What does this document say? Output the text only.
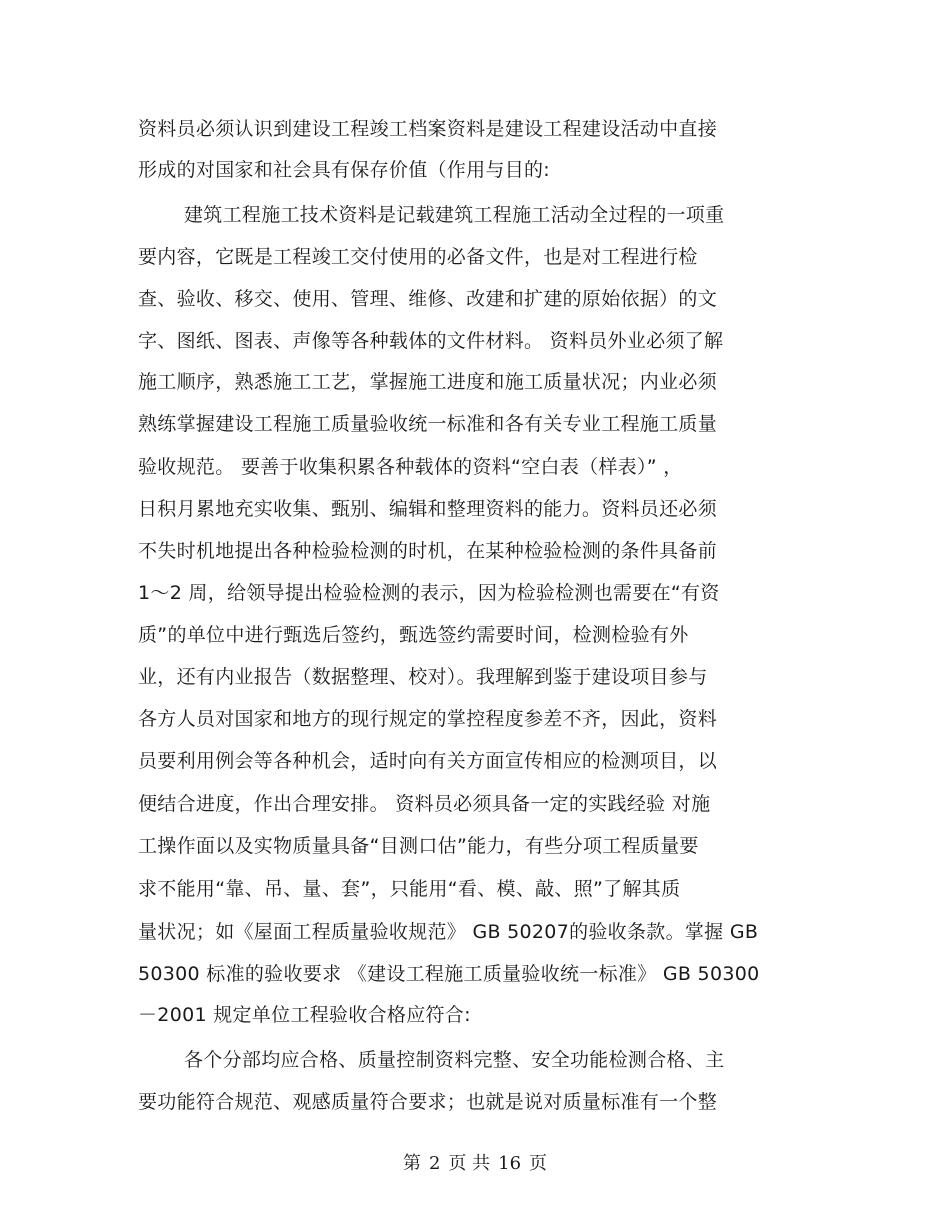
资料员必须认识到建设工程竣工档案资料是建设工程建设活动中直接
形成的对国家和社会具有保存价值（作用与目的:
建筑工程施工技术资料是记载建筑工程施工活动全过程的一项重
要内容，它既是工程竣工交付使用的必备文件，也是对工程进行检
查、验收、移交、使用、管理、维修、改建和扩建的原始依据）的文
字、图纸、图表、声像等各种载体的文件材料。 资料员外业必须了解
施工顺序，熟悉施工工艺，掌握施工进度和施工质量状况；内业必须
熟练掌握建设工程施工质量验收统一标准和各有关专业工程施工质量
验收规范。 要善于收集积累各种载体的资料“空白表（样表）” ，
日积月累地充实收集、甄别、编辑和整理资料的能力。资料员还必须
不失时机地提出各种检验检测的时机，在某种检验检测的条件具备前
1～2 周，给领导提出检验检测的表示，因为检验检测也需要在“有资
质”的单位中进行甄选后签约，甄选签约需要时间，检测检验有外
业，还有内业报告（数据整理、校对）。我理解到鉴于建设项目参与
各方人员对国家和地方的现行规定的掌控程度参差不齐，因此，资料
员要利用例会等各种机会，适时向有关方面宣传相应的检测项目，以
便结合进度，作出合理安排。 资料员必须具备一定的实践经验 对施
工操作面以及实物质量具备“目测口估”能力，有些分项工程质量要
求不能用“靠、吊、量、套”，只能用“看、模、敲、照”了解其质
量状况；如《屋面工程质量验收规范》 GB 50207的验收条款。掌握 GB
50300 标准的验收要求 《建设工程施工质量验收统一标准》 GB 50300
－2001 规定单位工程验收合格应符合:
各个分部均应合格、质量控制资料完整、安全功能检测合格、主
要功能符合规范、观感质量符合要求；也就是说对质量标准有一个整
第 2 页 共 16 页
